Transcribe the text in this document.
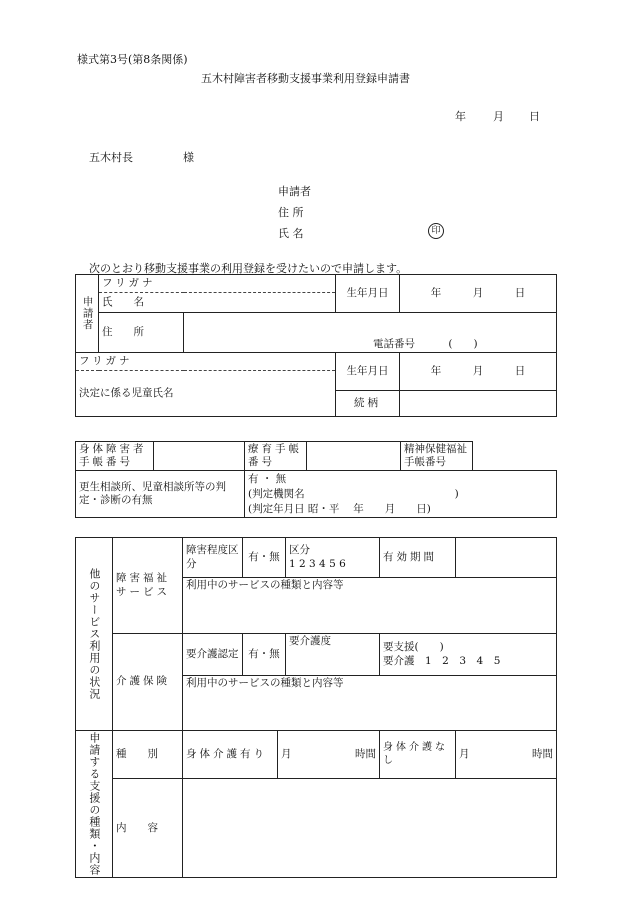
様式第3号(第8条関係)
五木村障害者移動支援事業利用登録申請書
年 月 日
五木村長	様
申請者
住 所
氏 名	印
次のとおり移動支援事業の利用登録を受けたいので申請します。
申請者	フリガナ		生年月日	年　　　 月　　　 日
	氏　　名			
	住　　所	電話番号 (　　)		
フリガナ			生年月日	年　　　 月　　　 日
決定に係る児童氏名				
			続柄	
身体障害者手帳番号		療育手帳番号		精神保健福祉手帳番号	
更生相談所、児童相談所等の判定・診断の有無		有 ・ 無
(判定機関名 )
(判定年月日 昭・平　 年　　月　　日)			
他のサービス利用の状況	障害福祉サービス	障害程度区分	有・無		区分
1 2 3 4 5 6	有効期間	
		利用中のサービスの種類と内容等					
	介護保険	要介護認定	有・無		要介護度	要支援(　　)
要介護　1　2　3　4　5	

		利用中のサービスの種類と内容等					
申請する支援の種類・内容	種　　別	身体介護有り		月 時間		身体介護なし	月 時間

	内　　容						
